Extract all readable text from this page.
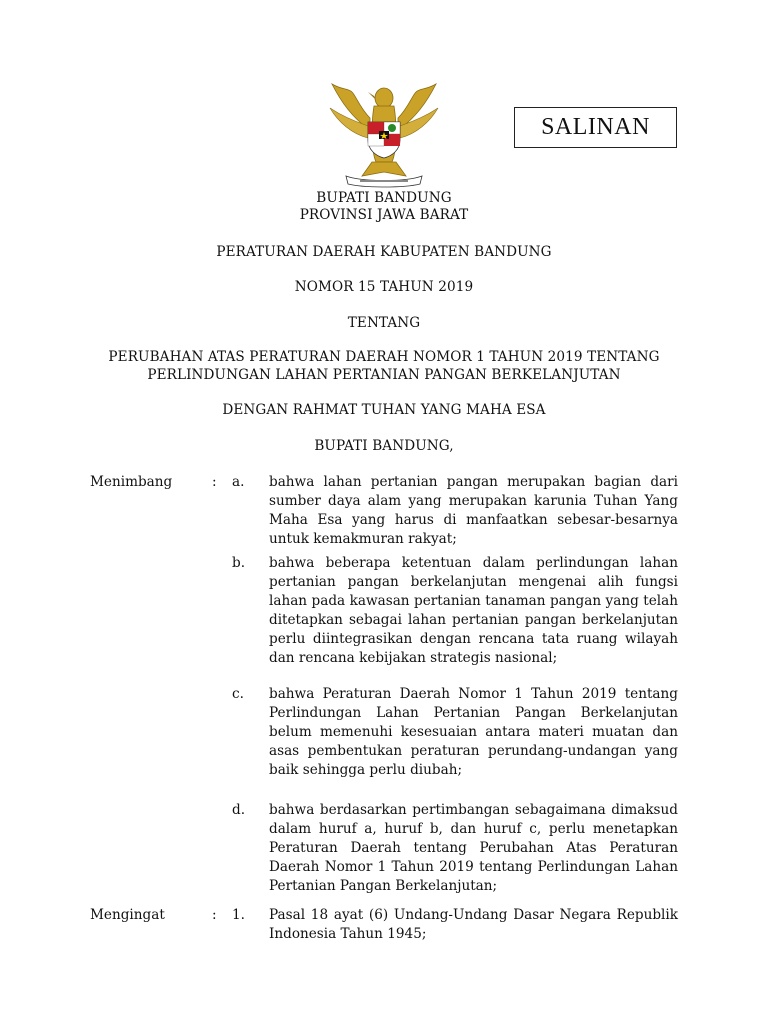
SALINAN
BUPATI BANDUNG
PROVINSI JAWA BARAT
PERATURAN DAERAH KABUPATEN BANDUNG
NOMOR 15 TAHUN 2019
TENTANG
PERUBAHAN ATAS PERATURAN DAERAH NOMOR 1 TAHUN 2019 TENTANG
PERLINDUNGAN LAHAN PERTANIAN PANGAN BERKELANJUTAN
DENGAN RAHMAT TUHAN YANG MAHA ESA
BUPATI BANDUNG,
Menimbang	: a. bahwa lahan pertanian pangan merupakan bagian dari sumber daya alam yang merupakan karunia Tuhan Yang Maha Esa yang harus di manfaatkan sebesar-besarnya untuk kemakmuran rakyat;
b. bahwa beberapa ketentuan dalam perlindungan lahan pertanian pangan berkelanjutan mengenai alih fungsi lahan pada kawasan pertanian tanaman pangan yang telah ditetapkan sebagai lahan pertanian pangan berkelanjutan perlu diintegrasikan dengan rencana tata ruang wilayah dan rencana kebijakan strategis nasional;
c. bahwa Peraturan Daerah Nomor 1 Tahun 2019 tentang Perlindungan Lahan Pertanian Pangan Berkelanjutan belum memenuhi kesesuaian antara materi muatan dan asas pembentukan peraturan perundang-undangan yang baik sehingga perlu diubah;
d. bahwa berdasarkan pertimbangan sebagaimana dimaksud dalam huruf a, huruf b, dan huruf c, perlu menetapkan Peraturan Daerah tentang Perubahan Atas Peraturan Daerah Nomor 1 Tahun 2019 tentang Perlindungan Lahan Pertanian Pangan Berkelanjutan;
Mengingat	: 1. Pasal 18 ayat (6) Undang-Undang Dasar Negara Republik Indonesia Tahun 1945;
